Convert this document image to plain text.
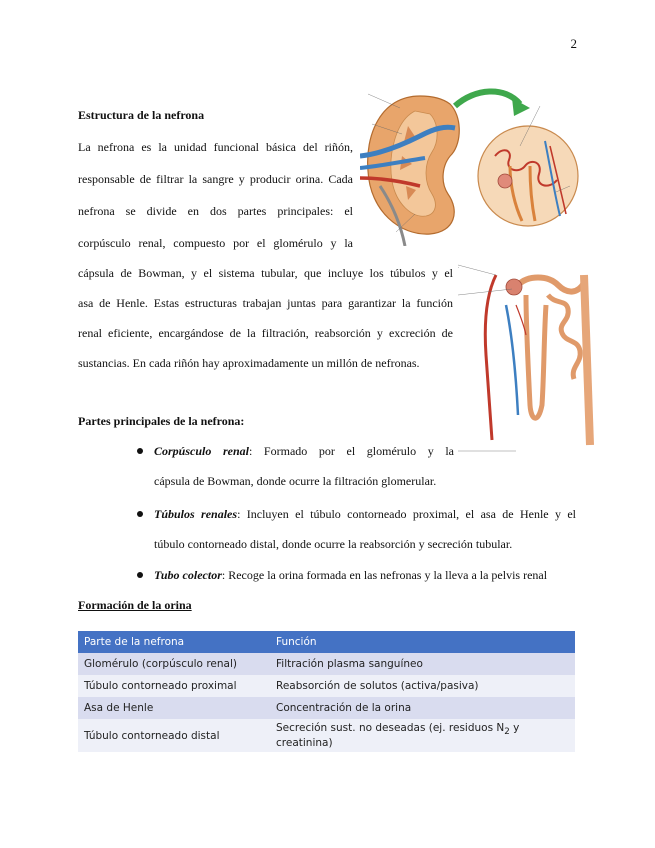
2
Estructura de la nefrona
La nefrona es la unidad funcional básica del riñón,
responsable de filtrar la sangre y producir orina. Cada
nefrona se divide en dos partes principales: el
corpúsculo renal, compuesto por el glomérulo y la
cápsula de Bowman, y el sistema tubular, que incluye los túbulos y el
asa de Henle. Estas estructuras trabajan juntas para garantizar la función
renal eficiente, encargándose de la filtración, reabsorción y excreción de
sustancias. En cada riñón hay aproximadamente un millón de nefronas.
·
Partes principales de la nefrona:
Corpúsculo renal: Formado por el glomérulo y la
cápsula de Bowman, donde ocurre la filtración glomerular.
Túbulos renales: Incluyen el túbulo contorneado proximal, el asa de Henle y el
túbulo contorneado distal, donde ocurre la reabsorción y secreción tubular.
Tubo colector: Recoge la orina formada en las nefronas y la lleva a la pelvis renal
Formación de la orina
Parte de la nefrona	Función
Glomérulo (corpúsculo renal)	Filtración plasma sanguíneo
Túbulo contorneado proximal	Reabsorción de solutos (activa/pasiva)
Asa de Henle	Concentración de la orina
Túbulo contorneado distal	Secreción sust. no deseadas (ej. residuos $N_2$ y creatinina)
